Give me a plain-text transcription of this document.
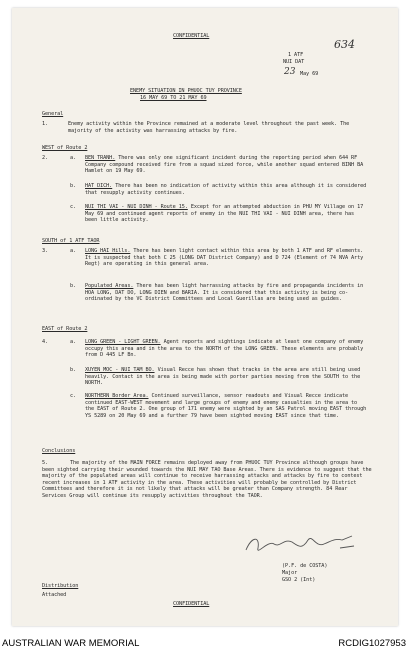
CONFIDENTIAL
634
1 ATF
NUI DAT
23 May 69
ENEMY SITUATION IN PHUOC TUY PROVINCE
16 MAY 69 TO 21 MAY 69
General
1.	Enemy activity within the Province remained at a moderate level throughout the past week. The majority of the activity was harrassing attacks by fire.
WEST of Route 2
2.	a. BEN TRANH. There was only one significant incident during the reporting period when 644 RF Company compound received fire from a squad sized force, while another squad entered BINH BA Hamlet on 19 May 69.
b. HAT DICH. There has been no indication of activity within this area although it is considered that resupply activity continues.
c. NUI THI VAI - NUI DINH - Route 15. Except for an attempted abduction in PHU MY Village on 17 May 69 and continued agent reports of enemy in the NUI THI VAI - NUI DINH area, there has been little activity.
SOUTH of 1 ATF TAOR
3.	a. LONG HAI Hills. There has been light contact within this area by both 1 ATF and RF elements. It is suspected that both C 25 (LONG DAT District Company) and D 724 (Element of 74 NVA Arty Regt) are operating in this general area.
b. Populated Areas. There has been light harrassing attacks by fire and propaganda incidents in HOA LONG, DAT DO, LONG DIEN and BARIA. It is considered that this activity is being co-ordinated by the VC District Committees and Local Guerillas are being used as guides.
EAST of Route 2
4.	a. LONG GREEN - LIGHT GREEN. Agent reports and sightings indicate at least one company of enemy occupy this area and in the area to the NORTH of the LONG GREEN. These elements are probably from D 445 LF Bn.
b. XUYEN MOC - NUI TAM BO. Visual Recce has shown that tracks in the area are still being used heavily. Contact in the area is being made with porter parties moving from the SOUTH to the NORTH.
c. NORTHERN Border Area. Continued surveillance, sensor readouts and Visual Recce indicate continued EAST-WEST movement and large groups of enemy and enemy casualties in the area to the EAST of Route 2. One group of 171 enemy were sighted by an SAS Patrol moving EAST through YS 5289 on 20 May 69 and a further 79 have been sighted moving EAST since that time.
Conclusions
5.	The majority of the MAIN FORCE remains deployed away from PHUOC TUY Province although groups have been sighted carrying their wounded towards the NUI MAY TAO Base Areas. There is evidence to suggest that the majority of the populated areas will continue to receive harrassing attacks and attacks by fire to contest recent increases in 1 ATF activity in the area. These activities will probably be controlled by District Committees and therefore it is not likely that attacks will be greater than Company strength. 84 Rear Services Group will continue its resupply activities throughout the TAOR.
(P.F. de COSTA)
Major
GSO 2 (Int)
Distribution
Attached
CONFIDENTIAL
AUSTRALIAN WAR MEMORIAL	RCDIG1027953
